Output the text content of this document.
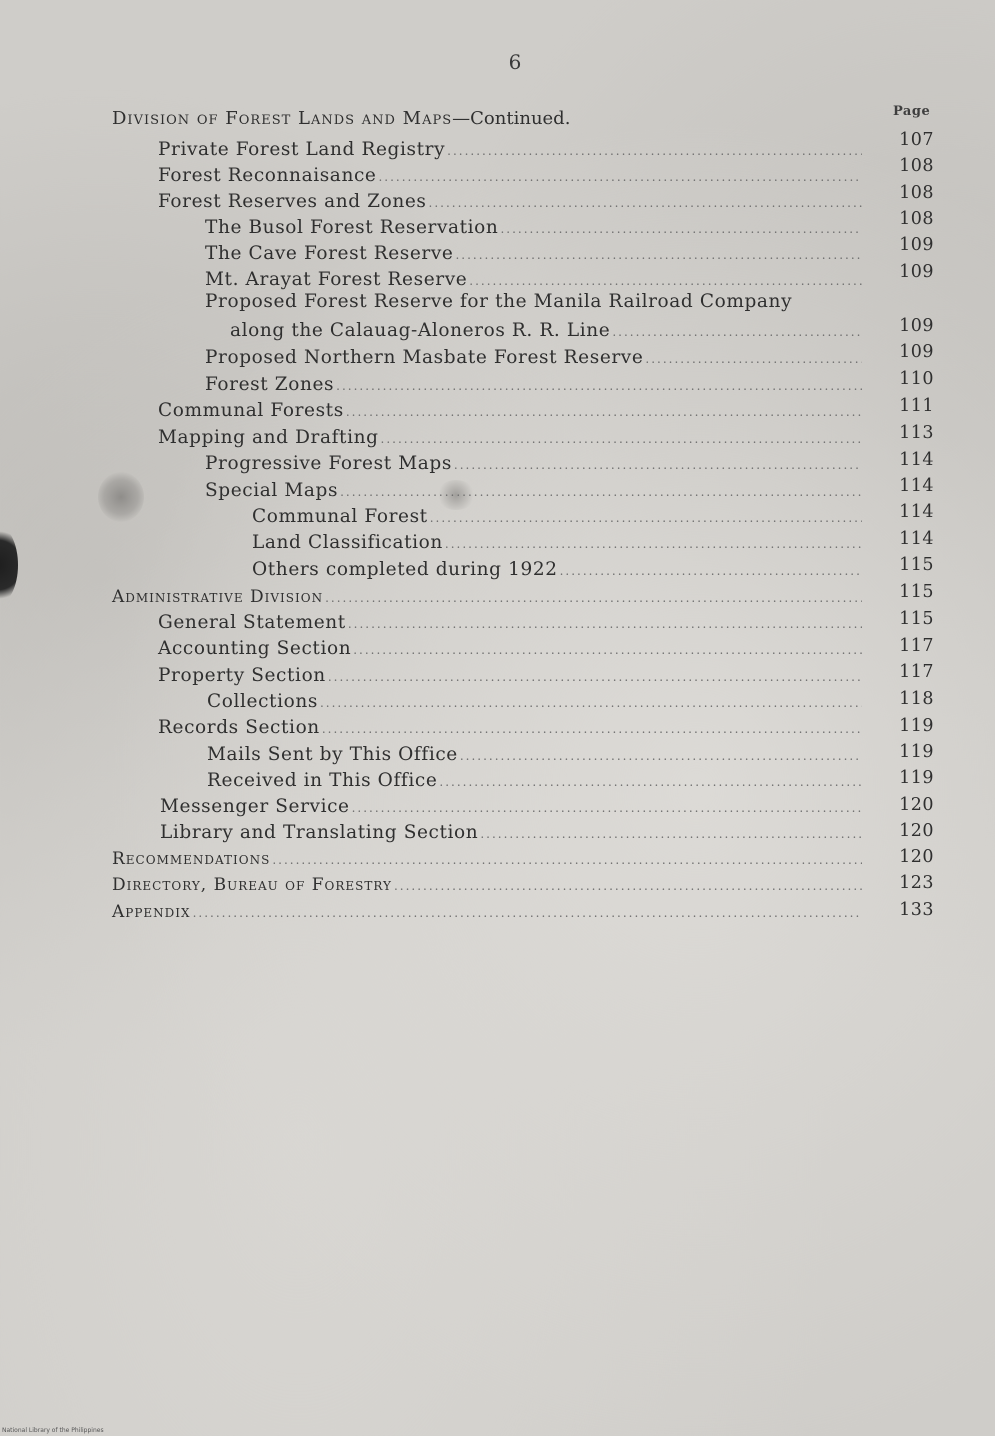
6
Page
Division of Forest Lands and Maps—Continued.
Private Forest Land Registry .....	107
Forest Reconnaisance .....	108
Forest Reserves and Zones .....	108
The Busol Forest Reservation .....	108
The Cave Forest Reserve .....	109
Mt. Arayat Forest Reserve .....	109
Proposed Forest Reserve for the Manila Railroad Company
along the Calauag-Aloneros R. R. Line .....	109
Proposed Northern Masbate Forest Reserve .....	109
Forest Zones .....	110
Communal Forests .....	111
Mapping and Drafting .....	113
Progressive Forest Maps .....	114
Special Maps .....	114
Communal Forest .....	114
Land Classification .....	114
Others completed during 1922 .....	115
Administrative Division .....	115
General Statement .....	115
Accounting Section .....	117
Property Section .....	117
Collections .....	118
Records Section .....	119
Mails Sent by This Office .....	119
Received in This Office .....	119
Messenger Service .....	120
Library and Translating Section .....	120
Recommendations .....	120
Directory, Bureau of Forestry .....	123
Appendix .....	133
National Library of the Philippines
